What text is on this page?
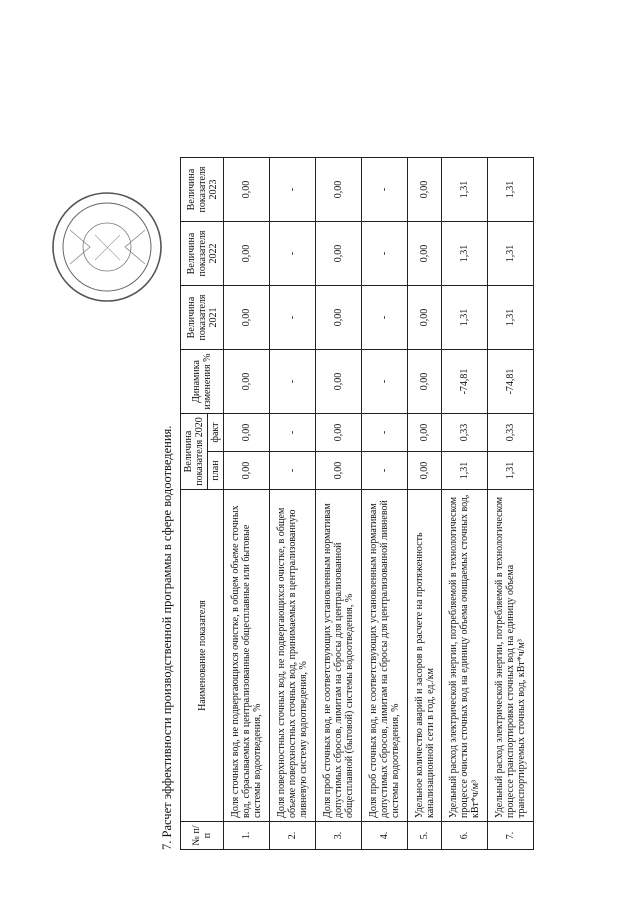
7. Расчет эффективности производственной программы в сфере водоотведения. № п/п	Наименование показателя	Величина показателя 2020		Динамика изменения %	Величина показателя 2021	Величина показателя 2022	Величина показателя 2023
		план	факт				
1.	Доля сточных вод, не подвергающихся очистке, в общем объеме сточных вод, сбрасываемых в централизованные общесплавные или бытовые системы водоотведения, %	0,00	0,00	0,00	0,00	0,00	0,00
2.	Доля поверхностных сточных вод, не подвергающихся очистке, в общем объеме поверхностных сточных вод, принимаемых в централизованную ливневую систему водоотведения, %	-	-	-	-	-	-
3.	Доля проб сточных вод, не соответствующих установленным нормативам допустимых сбросов, лимитам на сбросы для централизованной общесплавной (бытовой) системы водоотведения, %	0,00	0,00	0,00	0,00	0,00	0,00
4.	Доля проб сточных вод, не соответствующих установленным нормативам допустимых сбросов, лимитам на сбросы для централизованной ливневой системы водоотведения, %	-	-	-	-	-	-
5.	Удельное количество аварий и засоров в расчете на протяженность канализационной сети в год, ед./км	0,00	0,00	0,00	0,00	0,00	0,00
6.	Удельный расход электрической энергии, потребляемой в технологическом процессе очистки сточных вод на единицу объема очищаемых сточных вод, кВт*ч/м³	1,31	0,33	-74,81	1,31	1,31	1,31
7.	Удельный расход электрической энергии, потребляемой в технологическом процессе транспортировки сточных вод на единицу объема транспортируемых сточных вод, кВт*ч/м³	1,31	0,33	-74,81	1,31	1,31	1,31
